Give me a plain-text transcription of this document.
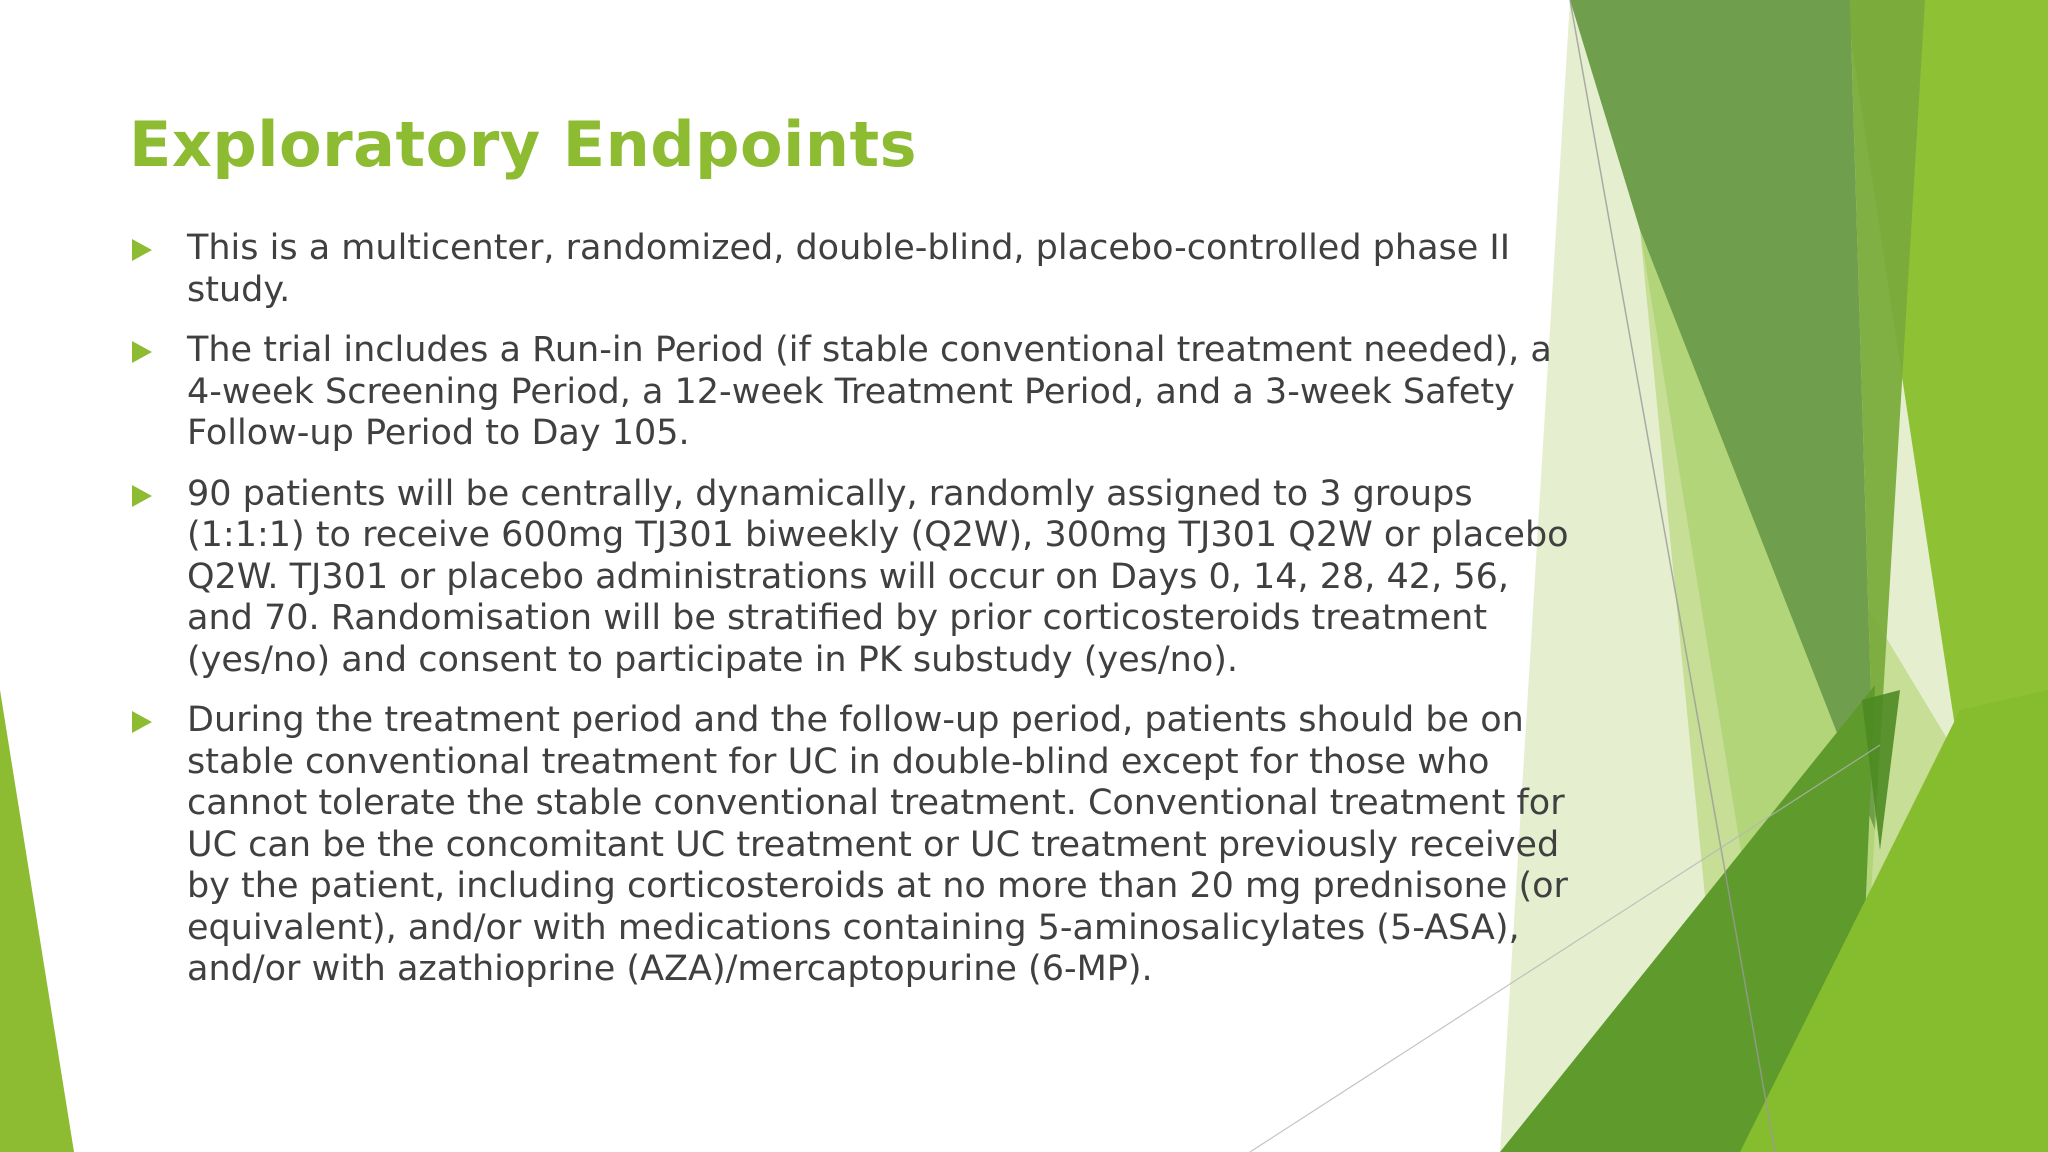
Exploratory Endpoints
This is a multicenter, randomized, double-blind, placebo-controlled phase II study.
The trial includes a Run-in Period (if stable conventional treatment needed), a 4-week Screening Period, a 12-week Treatment Period, and a 3-week Safety Follow-up Period to Day 105.
90 patients will be centrally, dynamically, randomly assigned to 3 groups (1:1:1) to receive 600mg TJ301 biweekly (Q2W), 300mg TJ301 Q2W or placebo Q2W. TJ301 or placebo administrations will occur on Days 0, 14, 28, 42, 56, and 70. Randomisation will be stratified by prior corticosteroids treatment (yes/no) and consent to participate in PK substudy (yes/no).
During the treatment period and the follow-up period, patients should be on stable conventional treatment for UC in double-blind except for those who cannot tolerate the stable conventional treatment. Conventional treatment for UC can be the concomitant UC treatment or UC treatment previously received by the patient, including corticosteroids at no more than 20 mg prednisone (or equivalent), and/or with medications containing 5-aminosalicylates (5-ASA), and/or with azathioprine (AZA)/mercaptopurine (6-MP).
